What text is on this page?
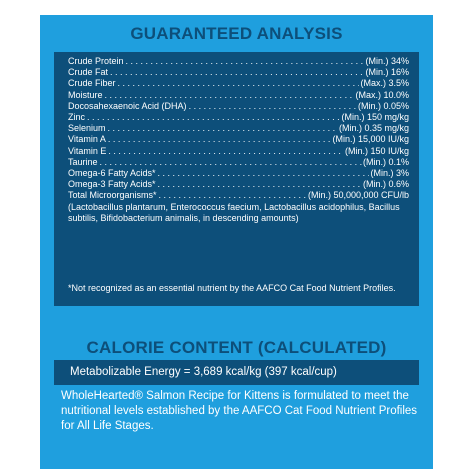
GUARANTEED ANALYSIS
Crude Protein . . .	(Min.) 34%
Crude Fat . . .	(Min.) 16%
Crude Fiber . . .	(Max.) 3.5%
Moisture . . .	(Max.) 10.0%
Docosahexaenoic Acid (DHA) . . .	(Min.) 0.05%
Zinc . . .	(Min.) 150 mg/kg
Selenium . . .	(Min.) 0.35 mg/kg
Vitamin A . . .	(Min.) 15,000 IU/kg
Vitamin E . . .	(Min.) 150 IU/kg
Taurine . . .	(Min.) 0.1%
Omega-6 Fatty Acids* . . .	(Min.) 3%
Omega-3 Fatty Acids* . . .	(Min.) 0.6%
Total Microorganisms* . . .	(Min.) 50,000,000 CFU/lb
(Lactobacillus plantarum, Enterococcus faecium, Lactobacillus acidophilus, Bacillus subtilis, Bifidobacterium animalis, in descending amounts)
*Not recognized as an essential nutrient by the AAFCO Cat Food Nutrient Profiles.
CALORIE CONTENT (CALCULATED)
Metabolizable Energy = 3,689 kcal/kg (397 kcal/cup)
WholeHearted® Salmon Recipe for Kittens is formulated to meet the nutritional levels established by the AAFCO Cat Food Nutrient Profiles for All Life Stages.
